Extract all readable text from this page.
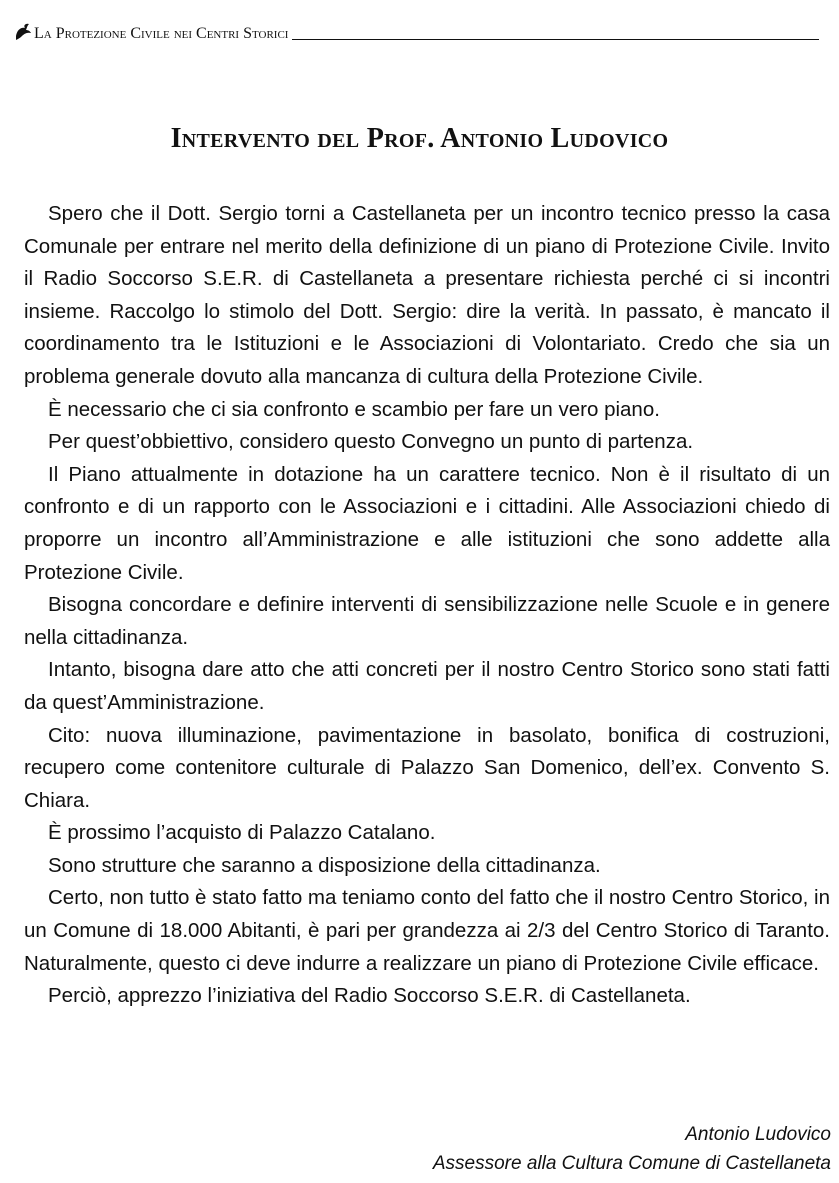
La Protezione Civile nei Centri Storici
Intervento del Prof. Antonio Ludovico

Spero che il Dott. Sergio torni a Castellaneta per un incontro tecnico presso la casa Comunale per entrare nel merito della definizione di un piano di Protezione Civile. Invito il Radio Soccorso S.E.R. di Castellaneta a presentare richiesta perché ci si incontri insieme. Raccolgo lo stimolo del Dott. Sergio: dire la verità. In passato, è mancato il coordinamento tra le Istituzioni e le Associazioni di Volontariato. Credo che sia un problema generale dovuto alla mancanza di cultura della Protezione Civile.

È necessario che ci sia confronto e scambio per fare un vero piano.

Per quest’obbiettivo, considero questo Convegno un punto di partenza.

Il Piano attualmente in dotazione ha un carattere tecnico. Non è il risultato di un confronto e di un rapporto con le Associazioni e i cittadini. Alle Associazioni chiedo di proporre un incontro all’Amministrazione e alle istituzioni che sono addette alla Protezione Civile.

Bisogna concordare e definire interventi di sensibilizzazione nelle Scuole e in genere nella cittadinanza.

Intanto, bisogna dare atto che atti concreti per il nostro Centro Storico sono stati fatti da quest’Amministrazione.

Cito: nuova illuminazione, pavimentazione in basolato, bonifica di costruzioni, recupero come contenitore culturale di Palazzo San Domenico, dell’ex. Convento S. Chiara.

È prossimo l’acquisto di Palazzo Catalano.

Sono strutture che saranno a disposizione della cittadinanza.

Certo, non tutto è stato fatto ma teniamo conto del fatto che il nostro Centro Storico, in un Comune di 18.000 Abitanti, è pari per grandezza ai 2/3 del Centro Storico di Taranto. Naturalmente, questo ci deve indurre a realizzare un piano di Protezione Civile efficace.

Perciò, apprezzo l’iniziativa del Radio Soccorso S.E.R. di Castellaneta.

Antonio Ludovico
Assessore alla Cultura Comune di Castellaneta
